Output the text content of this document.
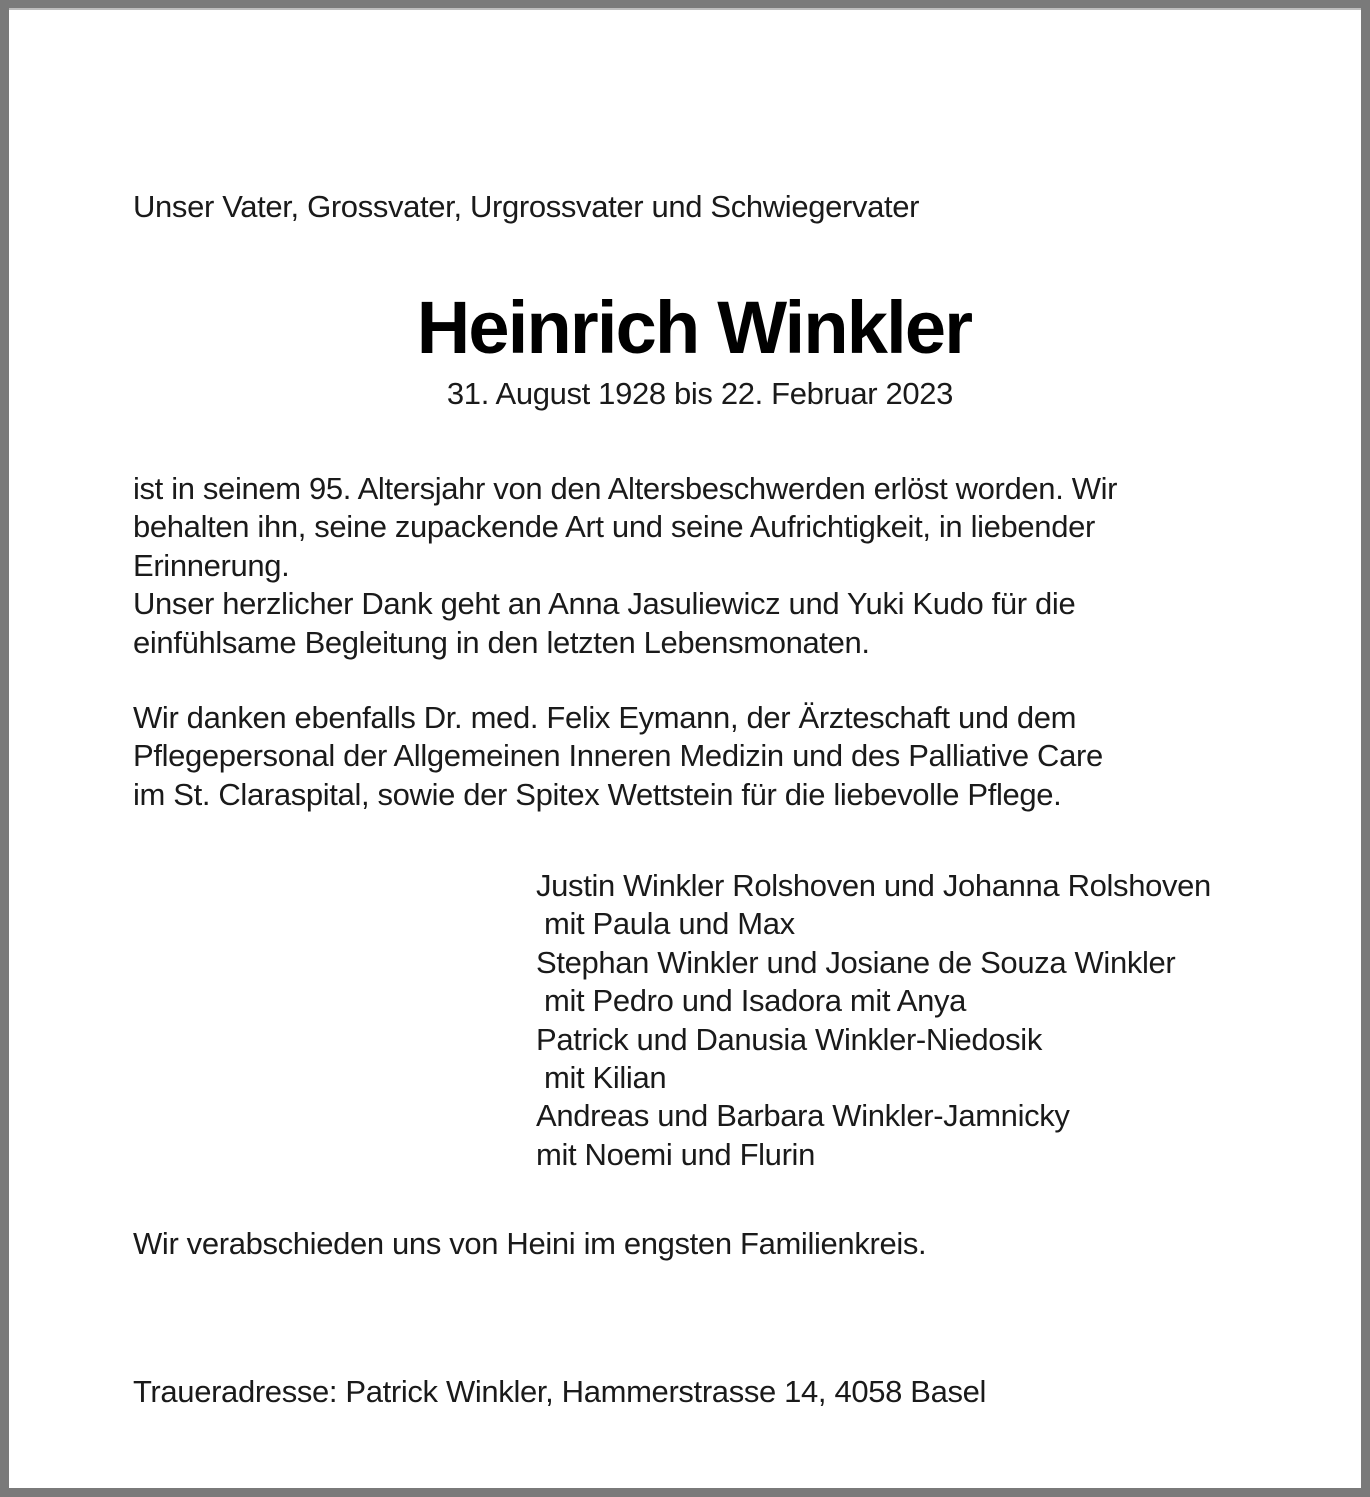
Unser Vater, Grossvater, Urgrossvater und Schwiegervater
Heinrich Winkler
31. August 1928 bis 22. Februar 2023
ist in seinem 95. Altersjahr von den Altersbeschwerden erlöst worden. Wir
behalten ihn, seine zupackende Art und seine Aufrichtigkeit, in liebender
Erinnerung.
Unser herzlicher Dank geht an Anna Jasuliewicz und Yuki Kudo für die
einfühlsame Begleitung in den letzten Lebensmonaten.
Wir danken ebenfalls Dr. med. Felix Eymann, der Ärzteschaft und dem
Pflegepersonal der Allgemeinen Inneren Medizin und des Palliative Care
im St. Claraspital, sowie der Spitex Wettstein für die liebevolle Pflege.
Justin Winkler Rolshoven und Johanna Rolshoven
mit Paula und Max
Stephan Winkler und Josiane de Souza Winkler
mit Pedro und Isadora mit Anya
Patrick und Danusia Winkler-Niedosik
mit Kilian
Andreas und Barbara Winkler-Jamnicky
mit Noemi und Flurin
Wir verabschieden uns von Heini im engsten Familienkreis.
Traueradresse: Patrick Winkler, Hammerstrasse 14, 4058 Basel
